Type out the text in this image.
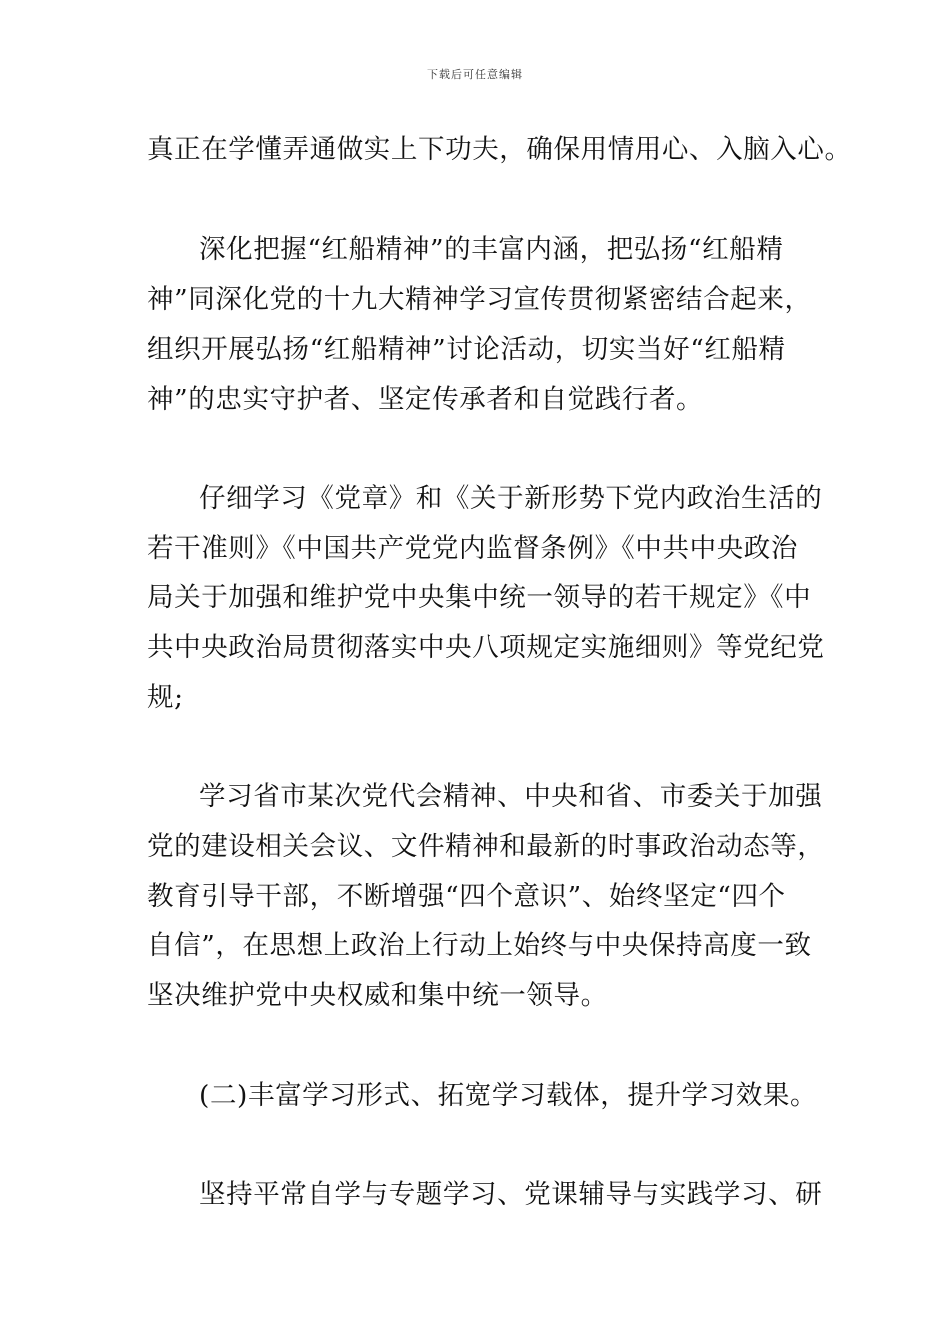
下载后可任意编辑
真正在学懂弄通做实上下功夫，确保用情用心、入脑入心。
深化把握“红船精神”的丰富内涵，把弘扬“红船精
神”同深化党的十九大精神学习宣传贯彻紧密结合起来，
组织开展弘扬“红船精神”讨论活动，切实当好“红船精
神”的忠实守护者、坚定传承者和自觉践行者。
仔细学习《党章》和《关于新形势下党内政治生活的
若干准则》《中国共产党党内监督条例》《中共中央政治
局关于加强和维护党中央集中统一领导的若干规定》《中
共中央政治局贯彻落实中央八项规定实施细则》等党纪党
规;
学习省市某次党代会精神、中央和省、市委关于加强
党的建设相关会议、文件精神和最新的时事政治动态等，
教育引导干部，不断增强“四个意识”、始终坚定“四个
自信”，在思想上政治上行动上始终与中央保持高度一致
坚决维护党中央权威和集中统一领导。
(二)丰富学习形式、拓宽学习载体，提升学习效果。
坚持平常自学与专题学习、党课辅导与实践学习、研
